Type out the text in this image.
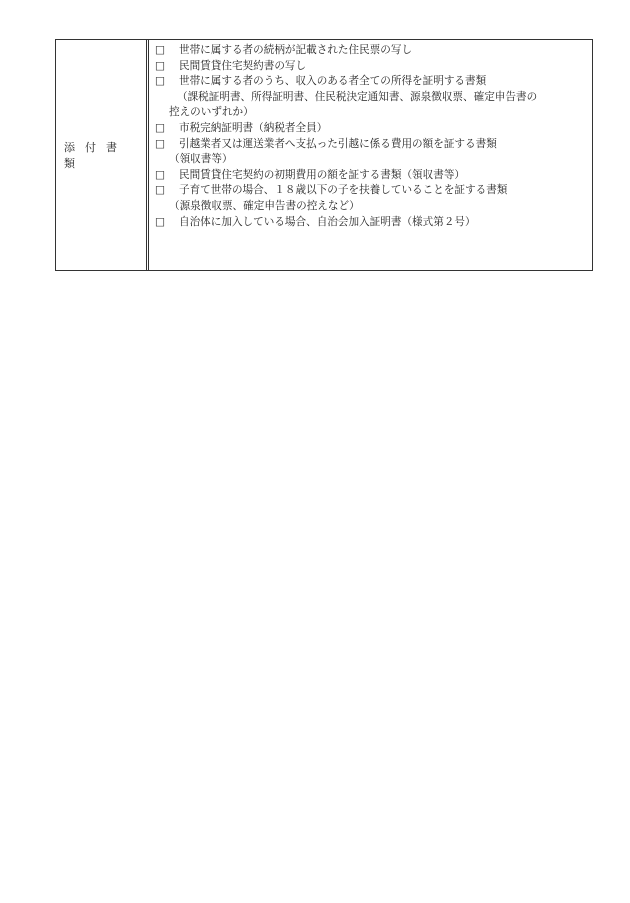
添付書類
□	世帯に属する者の続柄が記載された住民票の写し
□	民間賃貸住宅契約書の写し
□	世帯に属する者のうち、収入のある者全ての所得を証明する書類
（課税証明書、所得証明書、住民税決定通知書、源泉徴収票、確定申告書の
控えのいずれか）
□	市税完納証明書（納税者全員）
□	引越業者又は運送業者へ支払った引越に係る費用の額を証する書類
（領収書等）
□	民間賃貸住宅契約の初期費用の額を証する書類（領収書等）
□	子育て世帯の場合、１８歳以下の子を扶養していることを証する書類
（源泉徴収票、確定申告書の控えなど）
□	自治体に加入している場合、自治会加入証明書（様式第２号）
